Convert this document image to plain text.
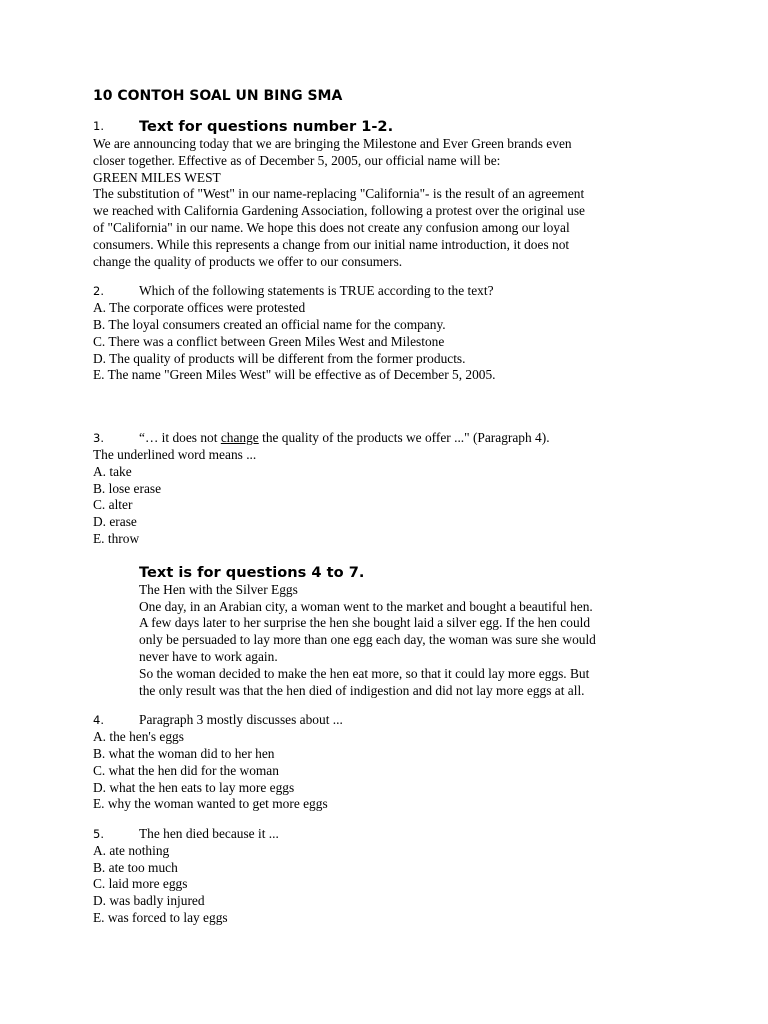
10 CONTOH SOAL UN BING SMA
1. Text for questions number 1-2.
We are announcing today that we are bringing the Milestone and Ever Green brands even
closer together. Effective as of December 5, 2005, our official name will be:
GREEN MILES WEST
The substitution of "West" in our name-replacing "California"- is the result of an agreement
we reached with California Gardening Association, following a protest over the original use
of "California" in our name. We hope this does not create any confusion among our loyal
consumers. While this represents a change from our initial name introduction, it does not
change the quality of products we offer to our consumers.
2.	Which of the following statements is TRUE according to the text?
A. The corporate offices were protested
B. The loyal consumers created an official name for the company.
C. There was a conflict between Green Miles West and Milestone
D. The quality of products will be different from the former products.
E. The name "Green Miles West" will be effective as of December 5, 2005.
3.	“… it does not change the quality of the products we offer ..." (Paragraph 4).
The underlined word means ...
A. take
B. lose erase
C. alter
D. erase
E. throw
Text is for questions 4 to 7.
The Hen with the Silver Eggs
One day, in an Arabian city, a woman went to the market and bought a beautiful hen.
A few days later to her surprise the hen she bought laid a silver egg. If the hen could
only be persuaded to lay more than one egg each day, the woman was sure she would
never have to work again.
So the woman decided to make the hen eat more, so that it could lay more eggs. But
the only result was that the hen died of indigestion and did not lay more eggs at all.
4.	Paragraph 3 mostly discusses about ...
A. the hen's eggs
B. what the woman did to her hen
C. what the hen did for the woman
D. what the hen eats to lay more eggs
E. why the woman wanted to get more eggs
5.	The hen died because it ...
A. ate nothing
B. ate too much
C. laid more eggs
D. was badly injured
E. was forced to lay eggs
